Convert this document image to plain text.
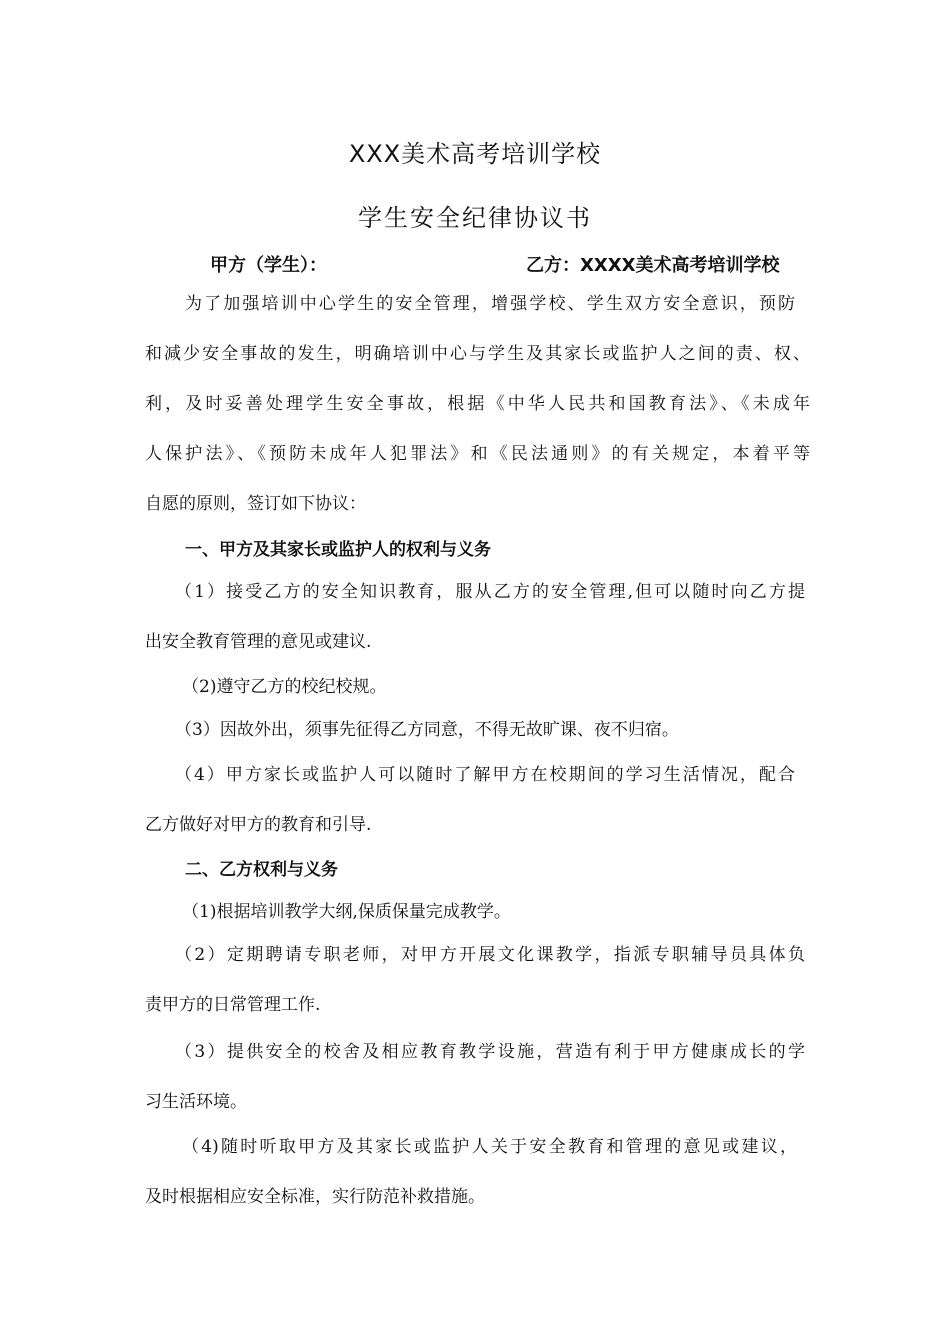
XXX美术高考培训学校
学生安全纪律协议书
甲方（学生）：	乙方：XXXX美术高考培训学校
为了加强培训中心学生的安全管理，增强学校、学生双方安全意识，预防
和减少安全事故的发生，明确培训中心与学生及其家长或监护人之间的责、权、
利，及时妥善处理学生安全事故，根据《中华人民共和国教育法》、《未成年
人保护法》、《预防未成年人犯罪法》和《民法通则》的有关规定，本着平等
自愿的原则，签订如下协议：
一、甲方及其家长或监护人的权利与义务
（1）接受乙方的安全知识教育，服从乙方的安全管理,但可以随时向乙方提
出安全教育管理的意见或建议.
（2)遵守乙方的校纪校规。
（3）因故外出，须事先征得乙方同意，不得无故旷课、夜不归宿。
（4）甲方家长或监护人可以随时了解甲方在校期间的学习生活情况，配合
乙方做好对甲方的教育和引导.
二、乙方权利与义务
（1)根据培训教学大纲,保质保量完成教学。
（2）定期聘请专职老师，对甲方开展文化课教学，指派专职辅导员具体负
责甲方的日常管理工作.
（3）提供安全的校舍及相应教育教学设施，营造有利于甲方健康成长的学
习生活环境。
（4)随时听取甲方及其家长或监护人关于安全教育和管理的意见或建议，
及时根据相应安全标准，实行防范补救措施。
